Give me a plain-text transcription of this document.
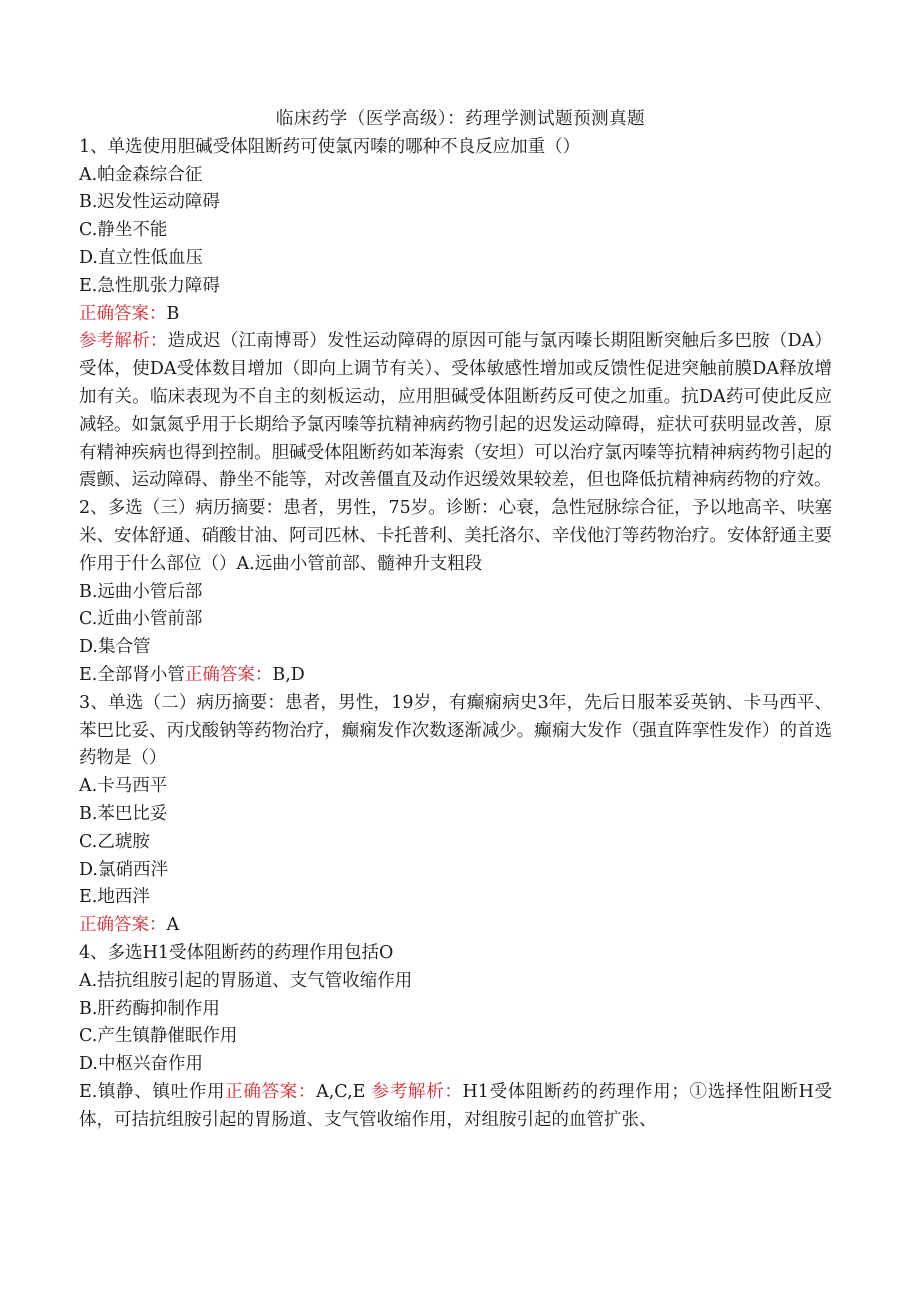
临床药学（医学高级）：药理学测试题预测真题

1、单选使用胆碱受体阻断药可使氯丙嗪的哪种不良反应加重（）

A.帕金森综合征

B.迟发性运动障碍

C.静坐不能

D.直立性低血压

E.急性肌张力障碍

正确答案：B

参考解析：造成迟（江南博哥）发性运动障碍的原因可能与氯丙嗪长期阻断突触后多巴胺（DA）受体，使DA受体数目增加（即向上调节有关）、受体敏感性增加或反馈性促进突触前膜DA释放增加有关。临床表现为不自主的刻板运动，应用胆碱受体阻断药反可使之加重。抗DA药可使此反应减轻。如氯氮乎用于长期给予氯丙嗪等抗精神病药物引起的迟发运动障碍，症状可获明显改善，原有精神疾病也得到控制。胆碱受体阻断药如苯海索（安坦）可以治疗氯丙嗪等抗精神病药物引起的震颤、运动障碍、静坐不能等，对改善僵直及动作迟缓效果较差，但也降低抗精神病药物的疗效。

2、多选（三）病历摘要：患者，男性，75岁。诊断：心衰，急性冠脉综合征，予以地高辛、呋塞米、安体舒通、硝酸甘油、阿司匹林、卡托普利、美托洛尔、辛伐他汀等药物治疗。安体舒通主要作用于什么部位（）A.远曲小管前部、髓神升支粗段

B.远曲小管后部

C.近曲小管前部

D.集合管

E.全部肾小管正确答案：B,D

3、单选（二）病历摘要：患者，男性，19岁，有癫痫病史3年，先后日服苯妥英钠、卡马西平、苯巴比妥、丙戊酸钠等药物治疗，癫痫发作次数逐渐减少。癫痫大发作（强直阵挛性发作）的首选药物是（）

A.卡马西平

B.苯巴比妥

C.乙琥胺

D.氯硝西泮

E.地西泮

正确答案：A

4、多选H1受体阻断药的药理作用包括O

A.拮抗组胺引起的胃肠道、支气管收缩作用

B.肝药酶抑制作用

C.产生镇静催眠作用

D.中枢兴奋作用

E.镇静、镇吐作用正确答案：A,C,E 参考解析：H1受体阻断药的药理作用；①选择性阻断H受体，可拮抗组胺引起的胃肠道、支气管收缩作用，对组胺引起的血管扩张、
